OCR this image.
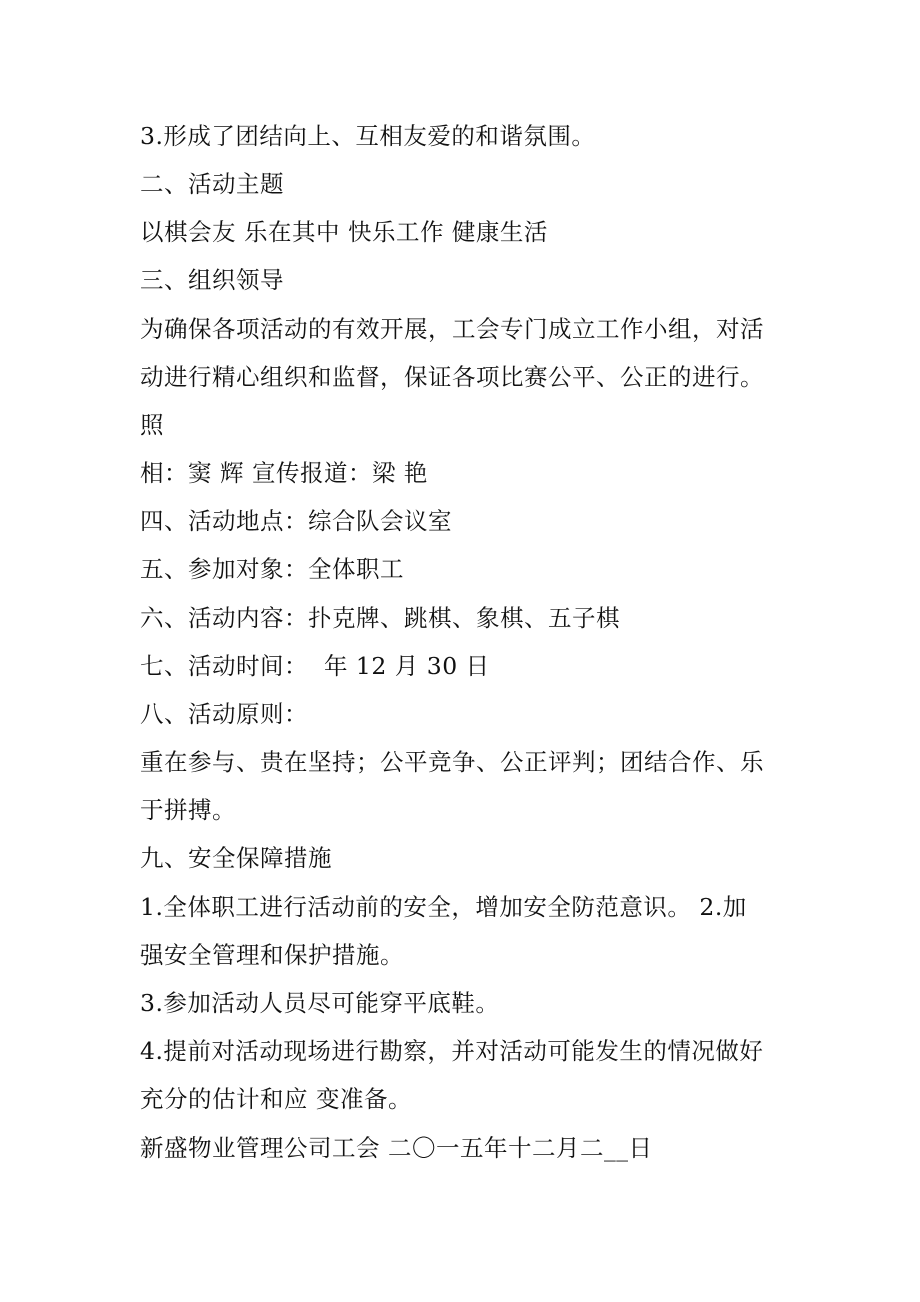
3.形成了团结向上、互相友爱的和谐氛围。
二、活动主题
以棋会友 乐在其中 快乐工作 健康生活
三、组织领导
为确保各项活动的有效开展，工会专门成立工作小组，对活
动进行精心组织和监督，保证各项比赛公平、公正的进行。
照
相：窦 辉 宣传报道：梁 艳
四、活动地点：综合队会议室
五、参加对象：全体职工
六、活动内容：扑克牌、跳棋、象棋、五子棋
七、活动时间：  年 12 月 30 日
八、活动原则：
重在参与、贵在坚持；公平竞争、公正评判；团结合作、乐
于拼搏。
九、安全保障措施
1.全体职工进行活动前的安全，增加安全防范意识。 2.加
强安全管理和保护措施。
3.参加活动人员尽可能穿平底鞋。
4.提前对活动现场进行勘察，并对活动可能发生的情况做好
充分的估计和应 变准备。
新盛物业管理公司工会 二〇一五年十二月二__日
